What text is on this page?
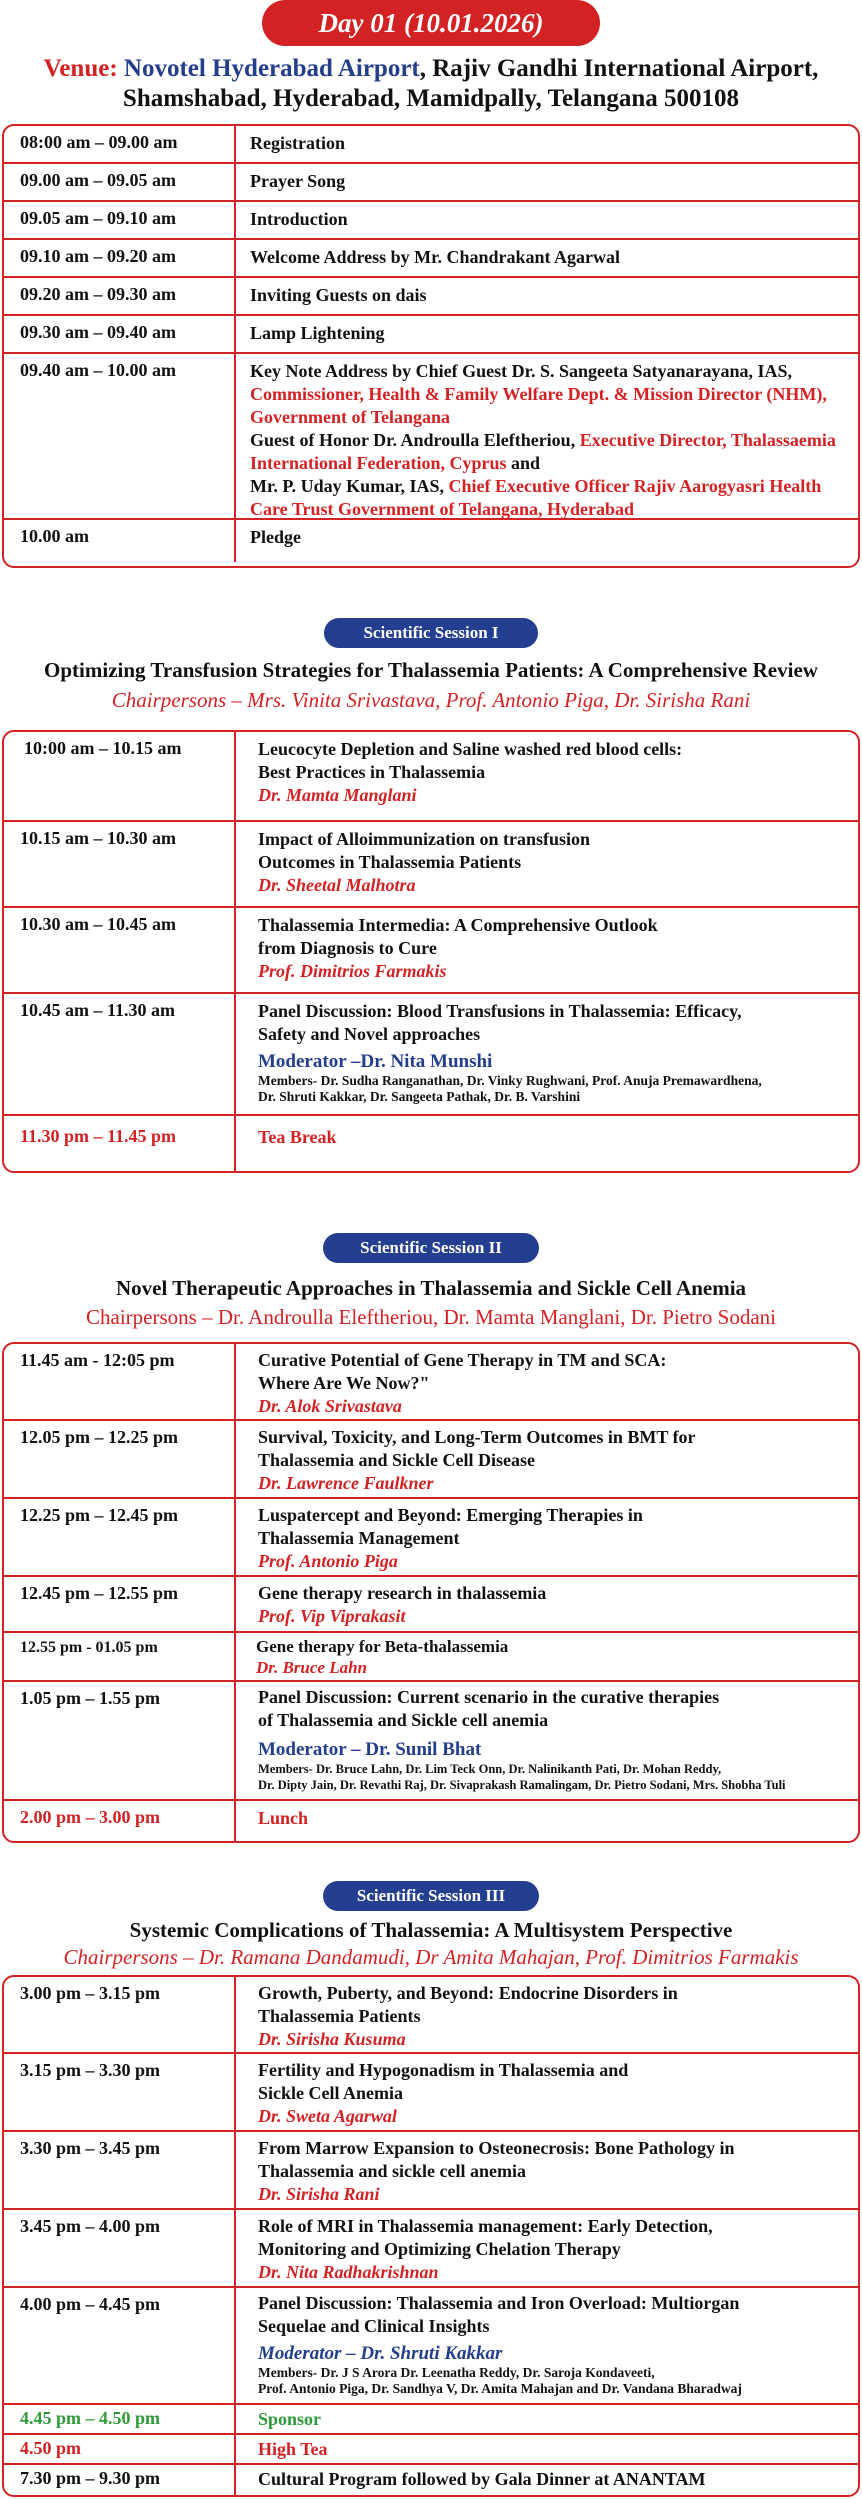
Day 01 (10.01.2026)
Venue: Novotel Hyderabad Airport, Rajiv Gandhi International Airport,
Shamshabad, Hyderabad, Mamidpally, Telangana 500108
08:00 am – 09.00 am	Registration
09.00 am – 09.05 am	Prayer Song
09.05 am – 09.10 am	Introduction
09.10 am – 09.20 am	Welcome Address by Mr. Chandrakant Agarwal
09.20 am – 09.30 am	Inviting Guests on dais
09.30 am – 09.40 am	Lamp Lightening
09.40 am – 10.00 am	Key Note Address by Chief Guest Dr. S. Sangeeta Satyanarayana, IAS, Commissioner, Health & Family Welfare Dept. & Mission Director (NHM), Government of Telangana
Guest of Honor Dr. Androulla Eleftheriou, Executive Director, Thalassaemia International Federation, Cyprus and
Mr. P. Uday Kumar, IAS, Chief Executive Officer Rajiv Aarogyasri Health Care Trust Government of Telangana, Hyderabad
10.00 am	Pledge
Scientific Session I
Optimizing Transfusion Strategies for Thalassemia Patients: A Comprehensive Review
Chairpersons – Mrs. Vinita Srivastava, Prof. Antonio Piga, Dr. Sirisha Rani
10:00 am – 10.15 am	Leucocyte Depletion and Saline washed red blood cells:
Best Practices in Thalassemia
Dr. Mamta Manglani
10.15 am – 10.30 am	Impact of Alloimmunization on transfusion
Outcomes in Thalassemia Patients
Dr. Sheetal Malhotra
10.30 am – 10.45 am	Thalassemia Intermedia: A Comprehensive Outlook
from Diagnosis to Cure
Prof. Dimitrios Farmakis
10.45 am – 11.30 am	Panel Discussion: Blood Transfusions in Thalassemia: Efficacy,
Safety and Novel approaches
Moderator –Dr. Nita Munshi
Members- Dr. Sudha Ranganathan, Dr. Vinky Rughwani, Prof. Anuja Premawardhena,
Dr. Shruti Kakkar, Dr. Sangeeta Pathak, Dr. B. Varshini
11.30 pm – 11.45 pm	Tea Break
Scientific Session II
Novel Therapeutic Approaches in Thalassemia and Sickle Cell Anemia
Chairpersons – Dr. Androulla Eleftheriou, Dr. Mamta Manglani, Dr. Pietro Sodani
11.45 am - 12:05 pm	Curative Potential of Gene Therapy in TM and SCA:
Where Are We Now?"
Dr. Alok Srivastava
12.05 pm – 12.25 pm	Survival, Toxicity, and Long-Term Outcomes in BMT for
Thalassemia and Sickle Cell Disease
Dr. Lawrence Faulkner
12.25 pm – 12.45 pm	Luspatercept and Beyond: Emerging Therapies in
Thalassemia Management
Prof. Antonio Piga
12.45 pm – 12.55 pm	Gene therapy research in thalassemia
Prof. Vip Viprakasit
12.55 pm - 01.05 pm	Gene therapy for Beta-thalassemia
Dr. Bruce Lahn
1.05 pm – 1.55 pm	Panel Discussion: Current scenario in the curative therapies
of Thalassemia and Sickle cell anemia
Moderator – Dr. Sunil Bhat
Members- Dr. Bruce Lahn, Dr. Lim Teck Onn, Dr. Nalinikanth Pati, Dr. Mohan Reddy,
Dr. Dipty Jain, Dr. Revathi Raj, Dr. Sivaprakash Ramalingam, Dr. Pietro Sodani, Mrs. Shobha Tuli
2.00 pm – 3.00 pm	Lunch
Scientific Session III
Systemic Complications of Thalassemia: A Multisystem Perspective
Chairpersons – Dr. Ramana Dandamudi, Dr Amita Mahajan, Prof. Dimitrios Farmakis
3.00 pm – 3.15 pm	Growth, Puberty, and Beyond: Endocrine Disorders in
Thalassemia Patients
Dr. Sirisha Kusuma
3.15 pm – 3.30 pm	Fertility and Hypogonadism in Thalassemia and
Sickle Cell Anemia
Dr. Sweta Agarwal
3.30 pm – 3.45 pm	From Marrow Expansion to Osteonecrosis: Bone Pathology in
Thalassemia and sickle cell anemia
Dr. Sirisha Rani
3.45 pm – 4.00 pm	Role of MRI in Thalassemia management: Early Detection,
Monitoring and Optimizing Chelation Therapy
Dr. Nita Radhakrishnan
4.00 pm – 4.45 pm	Panel Discussion: Thalassemia and Iron Overload: Multiorgan
Sequelae and Clinical Insights
Moderator – Dr. Shruti Kakkar
Members- Dr. J S Arora Dr. Leenatha Reddy, Dr. Saroja Kondaveeti,
Prof. Antonio Piga, Dr. Sandhya V, Dr. Amita Mahajan and Dr. Vandana Bharadwaj
4.45 pm – 4.50 pm	Sponsor
4.50 pm	High Tea
7.30 pm – 9.30 pm	Cultural Program followed by Gala Dinner at ANANTAM
